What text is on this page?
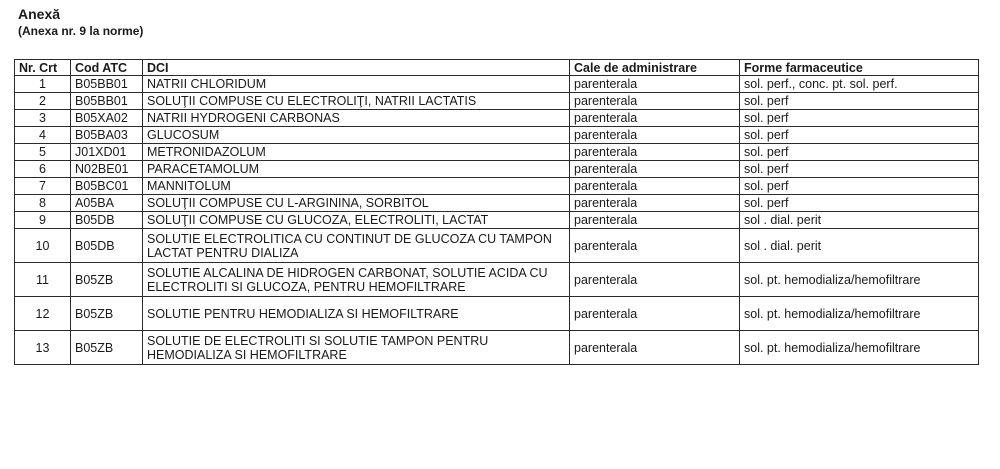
Anexă
(Anexa nr. 9 la norme)
Nr. Crt	Cod ATC	DCI	Cale de administrare	Forme farmaceutice
1	B05BB01	NATRII CHLORIDUM	parenterala	sol. perf., conc. pt. sol. perf.
2	B05BB01	SOLUŢII COMPUSE CU ELECTROLIŢI, NATRII LACTATIS	parenterala	sol. perf
3	B05XA02	NATRII HYDROGENI CARBONAS	parenterala	sol. perf
4	B05BA03	GLUCOSUM	parenterala	sol. perf
5	J01XD01	METRONIDAZOLUM	parenterala	sol. perf
6	N02BE01	PARACETAMOLUM	parenterala	sol. perf
7	B05BC01	MANNITOLUM	parenterala	sol. perf
8	A05BA	SOLUŢII COMPUSE CU L-ARGININA, SORBITOL	parenterala	sol. perf
9	B05DB	SOLUŢII COMPUSE CU GLUCOZA, ELECTROLITI, LACTAT	parenterala	sol . dial. perit
10	B05DB	SOLUTIE ELECTROLITICA CU CONTINUT DE GLUCOZA CU TAMPON LACTAT PENTRU DIALIZA	parenterala	sol . dial. perit
11	B05ZB	SOLUTIE ALCALINA DE HIDROGEN CARBONAT, SOLUTIE ACIDA CU ELECTROLITI SI GLUCOZA, PENTRU HEMOFILTRARE	parenterala	sol. pt. hemodializa/hemofiltrare
12	B05ZB	SOLUTIE PENTRU HEMODIALIZA SI HEMOFILTRARE	parenterala	sol. pt. hemodializa/hemofiltrare
13	B05ZB	SOLUTIE DE ELECTROLITI SI SOLUTIE TAMPON PENTRU HEMODIALIZA SI HEMOFILTRARE	parenterala	sol. pt. hemodializa/hemofiltrare
